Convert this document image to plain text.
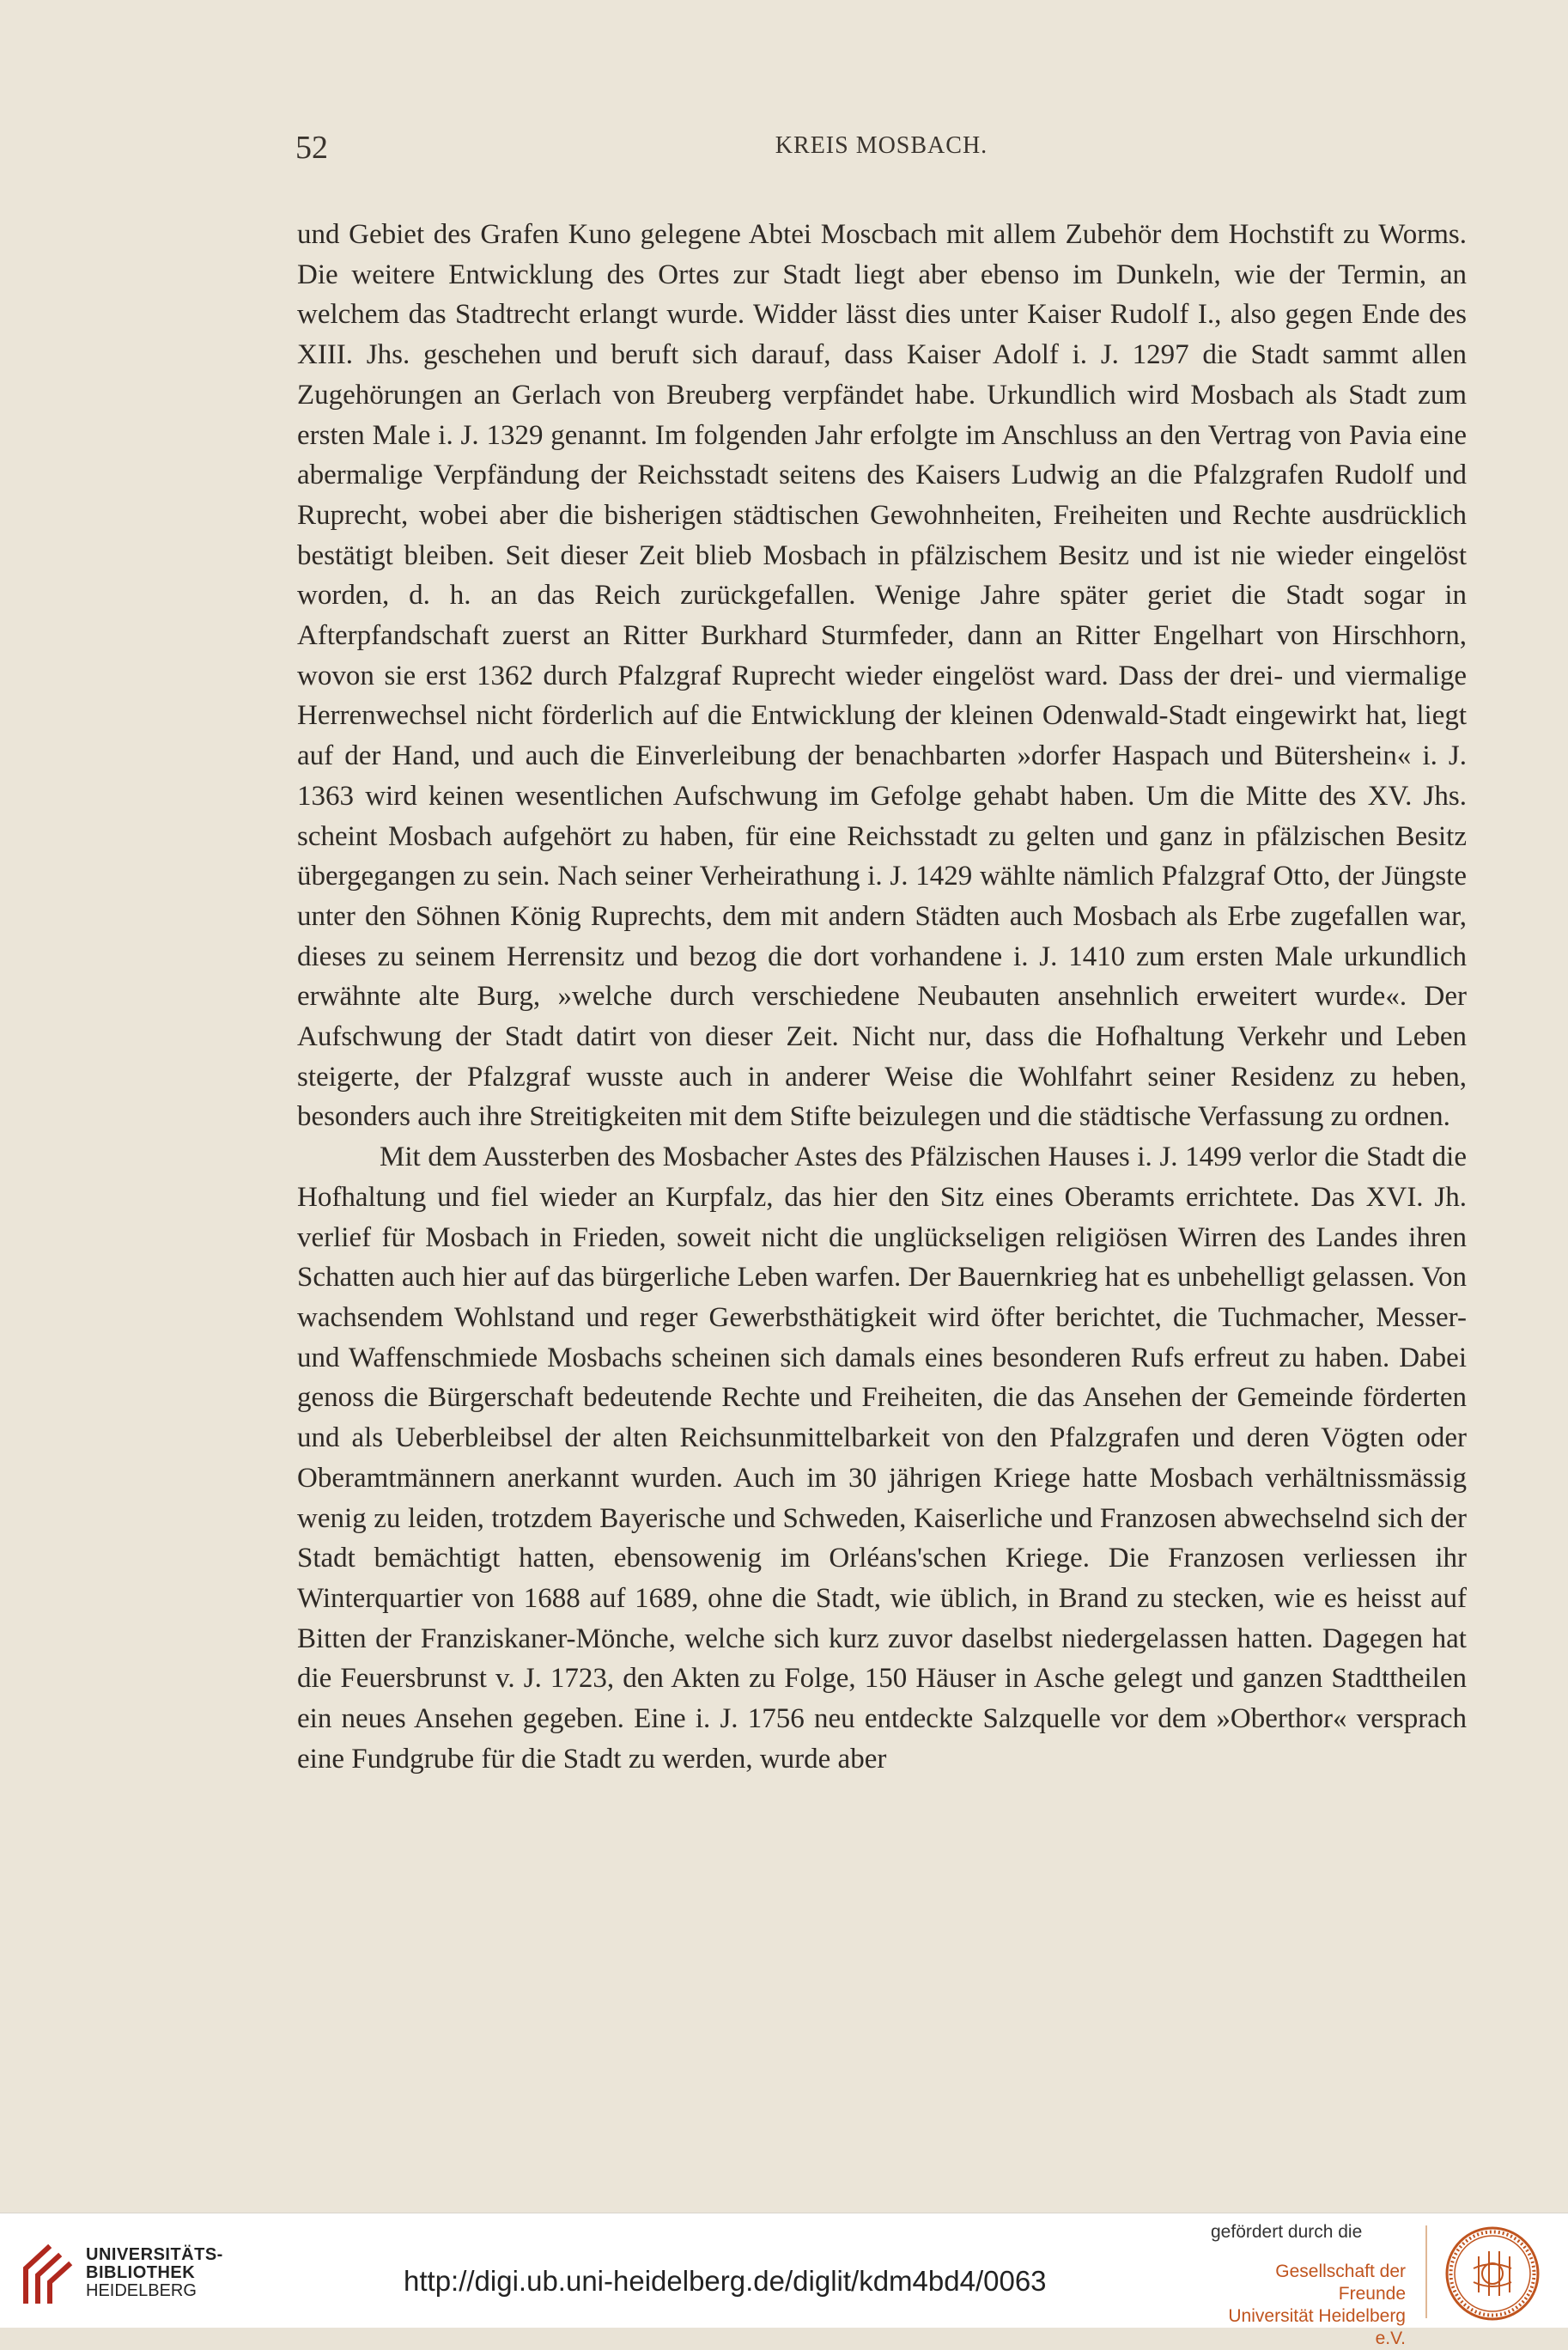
52	KREIS MOSBACH.

und Gebiet des Grafen Kuno gelegene Abtei Moscbach mit allem Zubehör dem Hochstift zu Worms. Die weitere Entwicklung des Ortes zur Stadt liegt aber ebenso im Dunkeln, wie der Termin, an welchem das Stadtrecht erlangt wurde. Widder lässt dies unter Kaiser Rudolf I., also gegen Ende des XIII. Jhs. geschehen und beruft sich darauf, dass Kaiser Adolf i. J. 1297 die Stadt sammt allen Zugehörungen an Gerlach von Breuberg verpfändet habe. Urkundlich wird Mosbach als Stadt zum ersten Male i. J. 1329 genannt. Im folgenden Jahr erfolgte im Anschluss an den Vertrag von Pavia eine abermalige Verpfändung der Reichsstadt seitens des Kaisers Ludwig an die Pfalzgrafen Rudolf und Ruprecht, wobei aber die bisherigen städtischen Gewohnheiten, Freiheiten und Rechte ausdrücklich bestätigt bleiben. Seit dieser Zeit blieb Mosbach in pfälzischem Besitz und ist nie wieder eingelöst worden, d. h. an das Reich zurückgefallen. Wenige Jahre später geriet die Stadt sogar in Afterpfandschaft zuerst an Ritter Burkhard Sturmfeder, dann an Ritter Engelhart von Hirschhorn, wovon sie erst 1362 durch Pfalzgraf Ruprecht wieder eingelöst ward. Dass der drei- und viermalige Herrenwechsel nicht förderlich auf die Entwicklung der kleinen Odenwald-Stadt eingewirkt hat, liegt auf der Hand, und auch die Einverleibung der benachbarten »dorfer Haspach und Bütershein« i. J. 1363 wird keinen wesentlichen Aufschwung im Gefolge gehabt haben. Um die Mitte des XV. Jhs. scheint Mosbach aufgehört zu haben, für eine Reichsstadt zu gelten und ganz in pfälzischen Besitz übergegangen zu sein. Nach seiner Verheirathung i. J. 1429 wählte nämlich Pfalzgraf Otto, der Jüngste unter den Söhnen König Ruprechts, dem mit andern Städten auch Mosbach als Erbe zugefallen war, dieses zu seinem Herrensitz und bezog die dort vorhandene i. J. 1410 zum ersten Male urkundlich erwähnte alte Burg, »welche durch verschiedene Neubauten ansehnlich erweitert wurde«. Der Aufschwung der Stadt datirt von dieser Zeit. Nicht nur, dass die Hofhaltung Verkehr und Leben steigerte, der Pfalzgraf wusste auch in anderer Weise die Wohlfahrt seiner Residenz zu heben, besonders auch ihre Streitigkeiten mit dem Stifte beizulegen und die städtische Verfassung zu ordnen.

Mit dem Aussterben des Mosbacher Astes des Pfälzischen Hauses i. J. 1499 verlor die Stadt die Hofhaltung und fiel wieder an Kurpfalz, das hier den Sitz eines Oberamts errichtete. Das XVI. Jh. verlief für Mosbach in Frieden, soweit nicht die unglückseligen religiösen Wirren des Landes ihren Schatten auch hier auf das bürgerliche Leben warfen. Der Bauernkrieg hat es unbehelligt gelassen. Von wachsendem Wohlstand und reger Gewerbsthätigkeit wird öfter berichtet, die Tuchmacher, Messer- und Waffenschmiede Mosbachs scheinen sich damals eines besonderen Rufs erfreut zu haben. Dabei genoss die Bürgerschaft bedeutende Rechte und Freiheiten, die das Ansehen der Gemeinde förderten und als Ueberbleibsel der alten Reichsunmittelbarkeit von den Pfalzgrafen und deren Vögten oder Oberamtmännern anerkannt wurden. Auch im 30 jährigen Kriege hatte Mosbach verhältnissmässig wenig zu leiden, trotzdem Bayerische und Schweden, Kaiserliche und Franzosen abwechselnd sich der Stadt bemächtigt hatten, ebensowenig im Orléans'schen Kriege. Die Franzosen verliessen ihr Winterquartier von 1688 auf 1689, ohne die Stadt, wie üblich, in Brand zu stecken, wie es heisst auf Bitten der Franziskaner-Mönche, welche sich kurz zuvor daselbst niedergelassen hatten. Dagegen hat die Feuersbrunst v. J. 1723, den Akten zu Folge, 150 Häuser in Asche gelegt und ganzen Stadttheilen ein neues Ansehen gegeben. Eine i. J. 1756 neu entdeckte Salzquelle vor dem »Oberthor« versprach eine Fundgrube für die Stadt zu werden, wurde aber

UNIVERSITÄTS-
BIBLIOTHEK
HEIDELBERG	http://digi.ub.uni-heidelberg.de/diglit/kdm4bd4/0063
gefördert durch die
Gesellschaft der Freunde
Universität Heidelberg e.V.
